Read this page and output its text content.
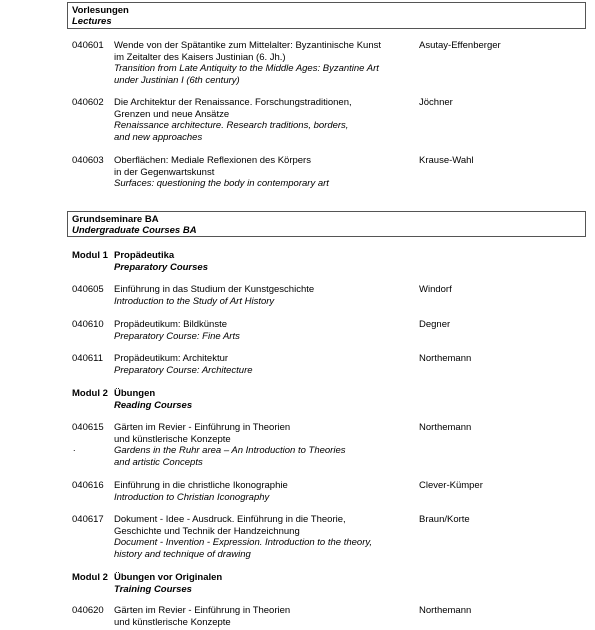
Vorlesungen
Lectures
040601 Wende von der Spätantike zum Mittelalter: Byzantinische Kunst
im Zeitalter des Kaisers Justinian (6. Jh.)
Transition from Late Antiquity to the Middle Ages: Byzantine Art
under Justinian I (6th century)
Asutay-Effenberger
040602 Die Architektur der Renaissance. Forschungstraditionen,
Grenzen und neue Ansätze
Renaissance architecture. Research traditions, borders,
and new approaches
Jöchner
040603 Oberflächen: Mediale Reflexionen des Körpers
in der Gegenwartskunst
Surfaces: questioning the body in contemporary art
Krause-Wahl
Grundseminare BA
Undergraduate Courses BA
Modul 1 Propädeutika
Preparatory Courses
040605 Einführung in das Studium der Kunstgeschichte
Introduction to the Study of Art History
Windorf
040610 Propädeutikum: Bildkünste
Preparatory Course: Fine Arts
Degner
040611 Propädeutikum: Architektur
Preparatory Course: Architecture
Northemann
Modul 2 Übungen
Reading Courses
040615 Gärten im Revier - Einführung in Theorien
und künstlerische Konzepte
Gardens in the Ruhr area – An Introduction to Theories
and artistic Concepts
Northemann
.
040616 Einführung in die christliche Ikonographie
Introduction to Christian Iconography
Clever-Kümper
040617 Dokument - Idee - Ausdruck. Einführung in die Theorie,
Geschichte und Technik der Handzeichnung
Document - Invention - Expression. Introduction to the theory,
history and technique of drawing
Braun/Korte
Modul 2 Übungen vor Originalen
Training Courses
040620 Gärten im Revier - Einführung in Theorien
und künstlerische Konzepte
Northemann
